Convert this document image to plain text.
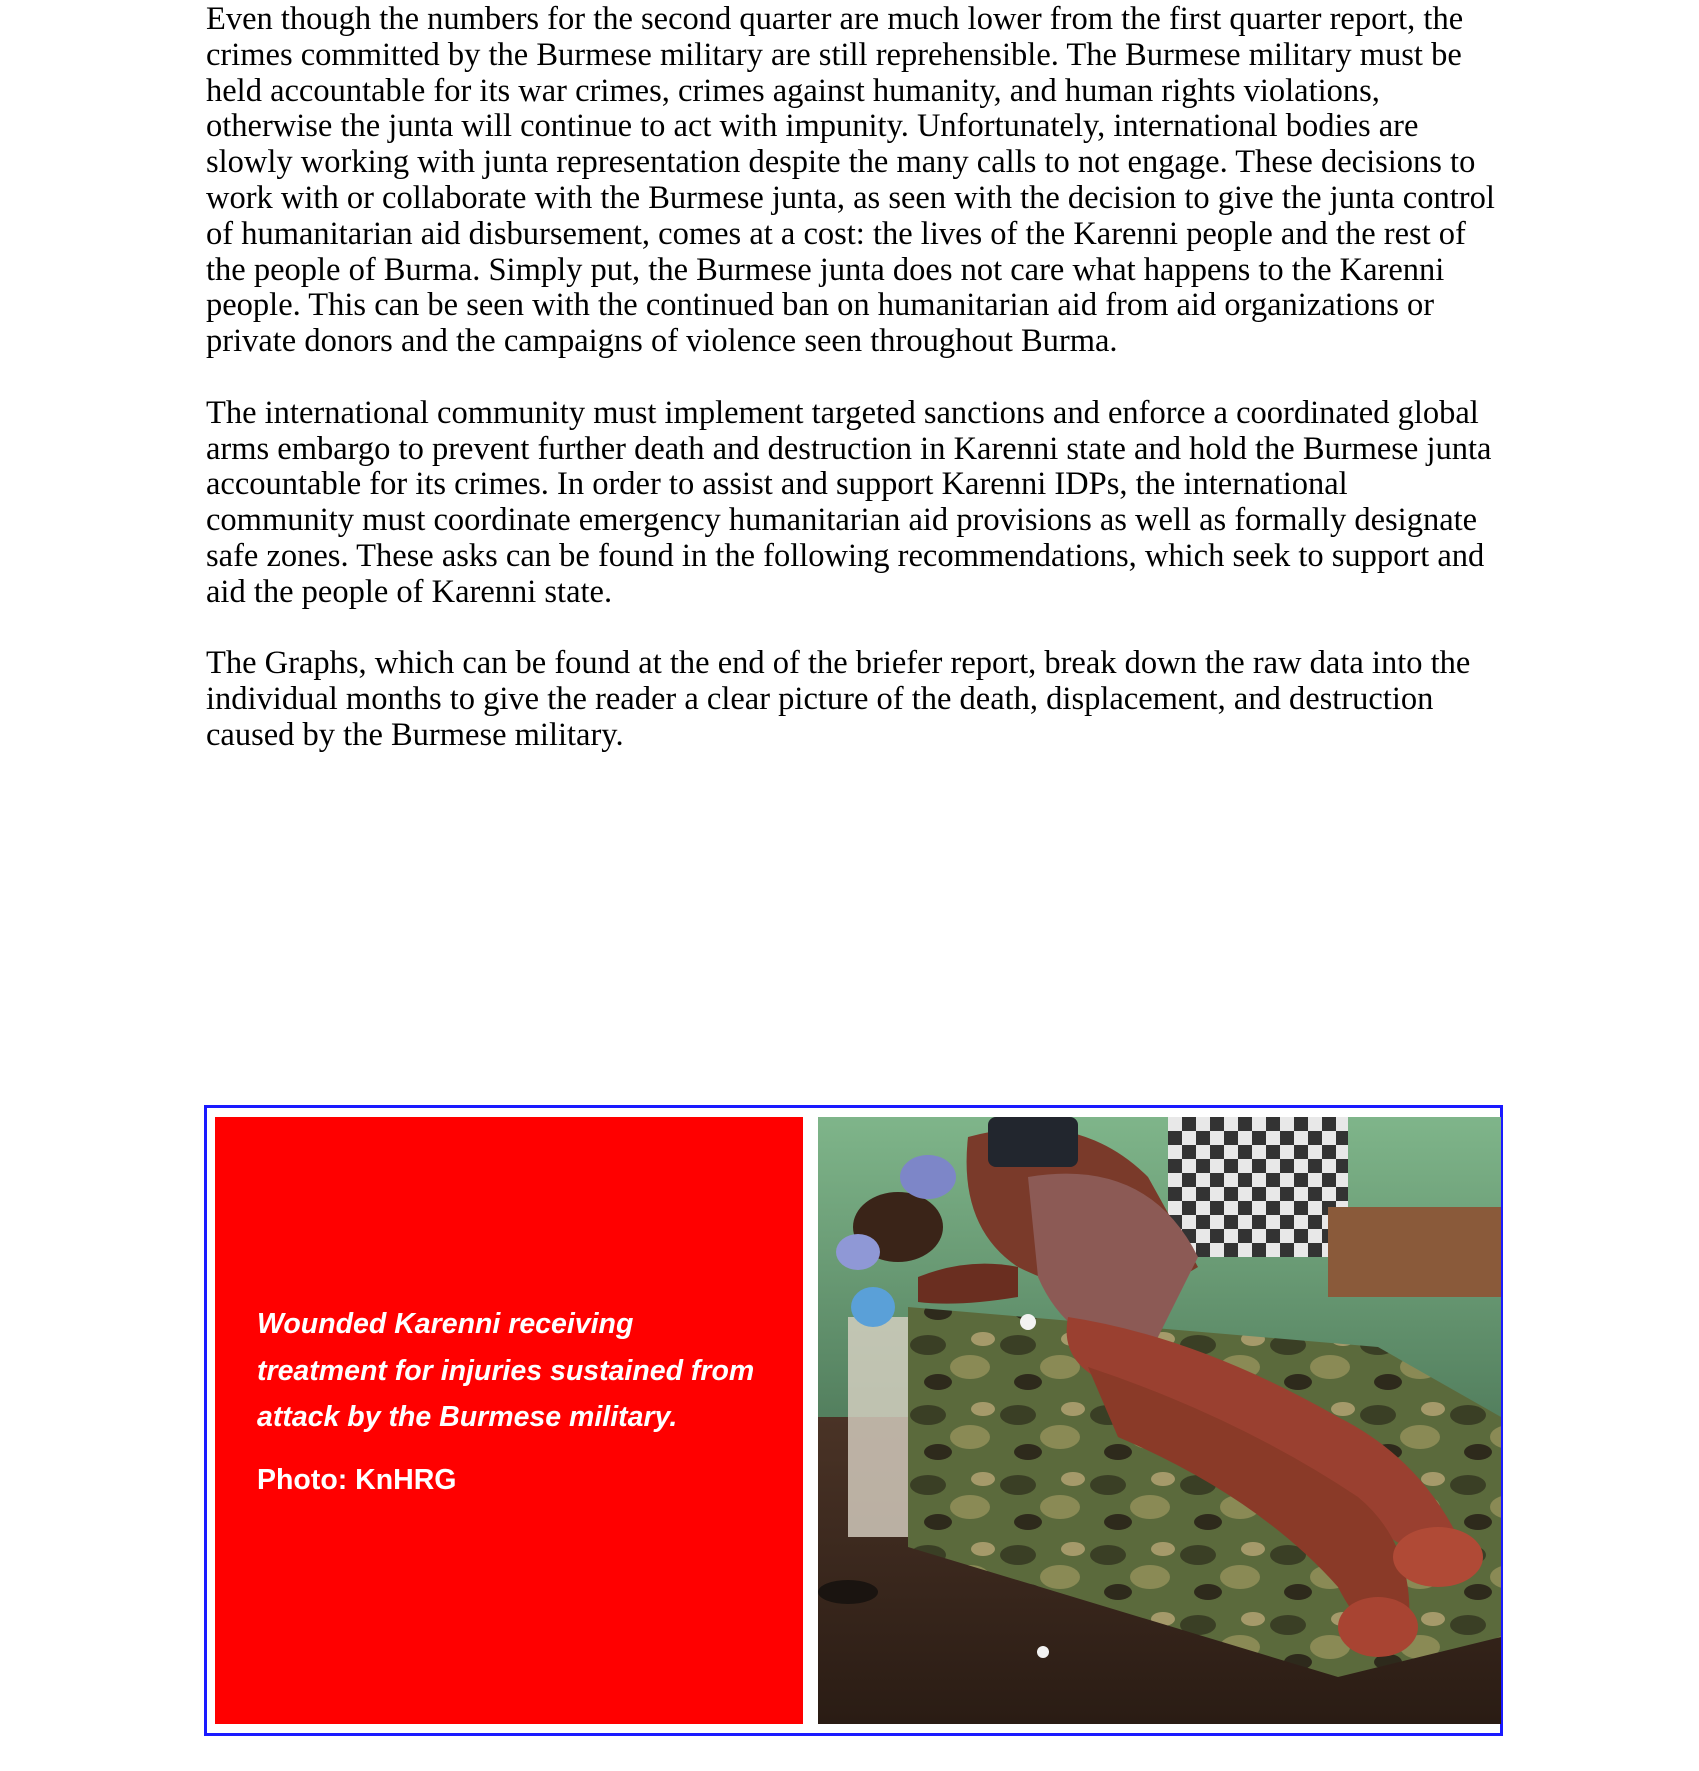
Even though the numbers for the second quarter are much lower from the first quarter report, the crimes committed by the Burmese military are still reprehensible. The Burmese military must be held accountable for its war crimes, crimes against humanity, and human rights violations, otherwise the junta will continue to act with impunity. Unfortunately, international bodies are slowly working with junta representation despite the many calls to not engage. These decisions to work with or collaborate with the Burmese junta, as seen with the decision to give the junta control of humanitarian aid disbursement, comes at a cost: the lives of the Karenni people and the rest of the people of Burma. Simply put, the Burmese junta does not care what happens to the Karenni people. This can be seen with the continued ban on humanitarian aid from aid organizations or private donors and the campaigns of violence seen throughout Burma.

The international community must implement targeted sanctions and enforce a coordinated global arms embargo to prevent further death and destruction in Karenni state and hold the Burmese junta accountable for its crimes. In order to assist and support Karenni IDPs, the international community must coordinate emergency humanitarian aid provisions as well as formally designate safe zones. These asks can be found in the following recommendations, which seek to support and aid the people of Karenni state.

The Graphs, which can be found at the end of the briefer report, break down the raw data into the individual months to give the reader a clear picture of the death, displacement, and destruction caused by the Burmese military.

Wounded Karenni receiving treatment for injuries sustained from attack by the Burmese military.

Photo: KnHRG
